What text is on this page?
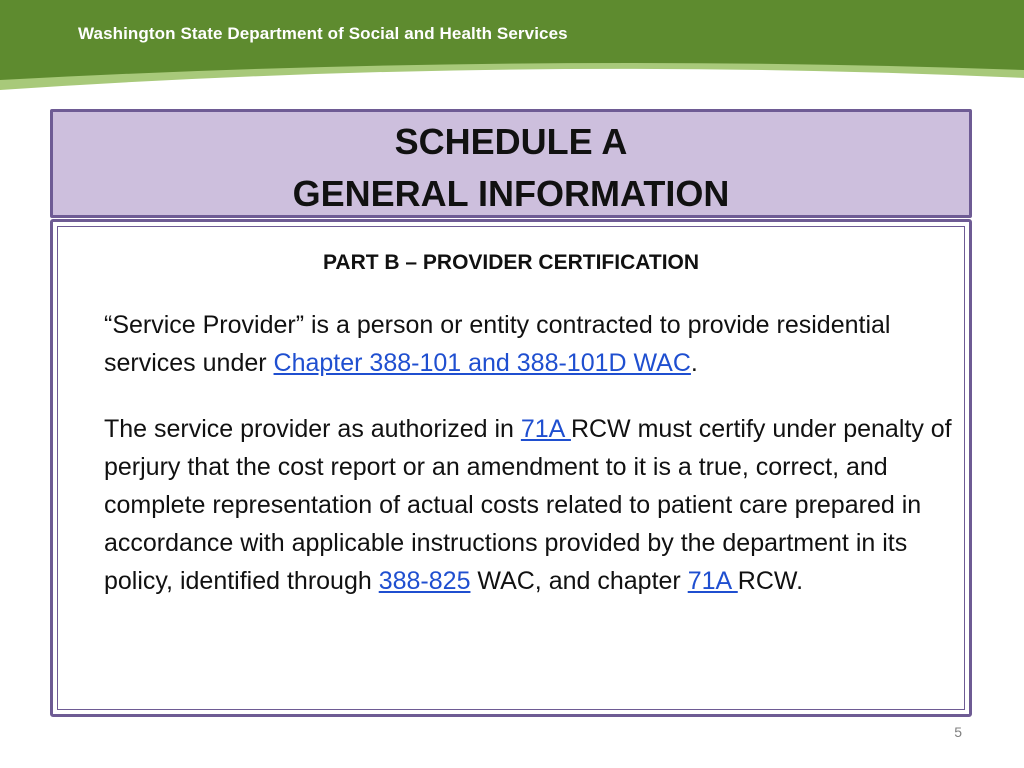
Washington State Department of Social and Health Services
SCHEDULE A
GENERAL INFORMATION
PART B – PROVIDER CERTIFICATION
“Service Provider” is a person or entity contracted to provide residential services under Chapter 388-101 and 388-101D WAC.
The service provider as authorized in 71A RCW must certify under penalty of perjury that the cost report or an amendment to it is a true, correct, and complete representation of actual costs related to patient care prepared in accordance with applicable instructions provided by the department in its policy, identified through 388-825 WAC, and chapter 71A RCW.
5
